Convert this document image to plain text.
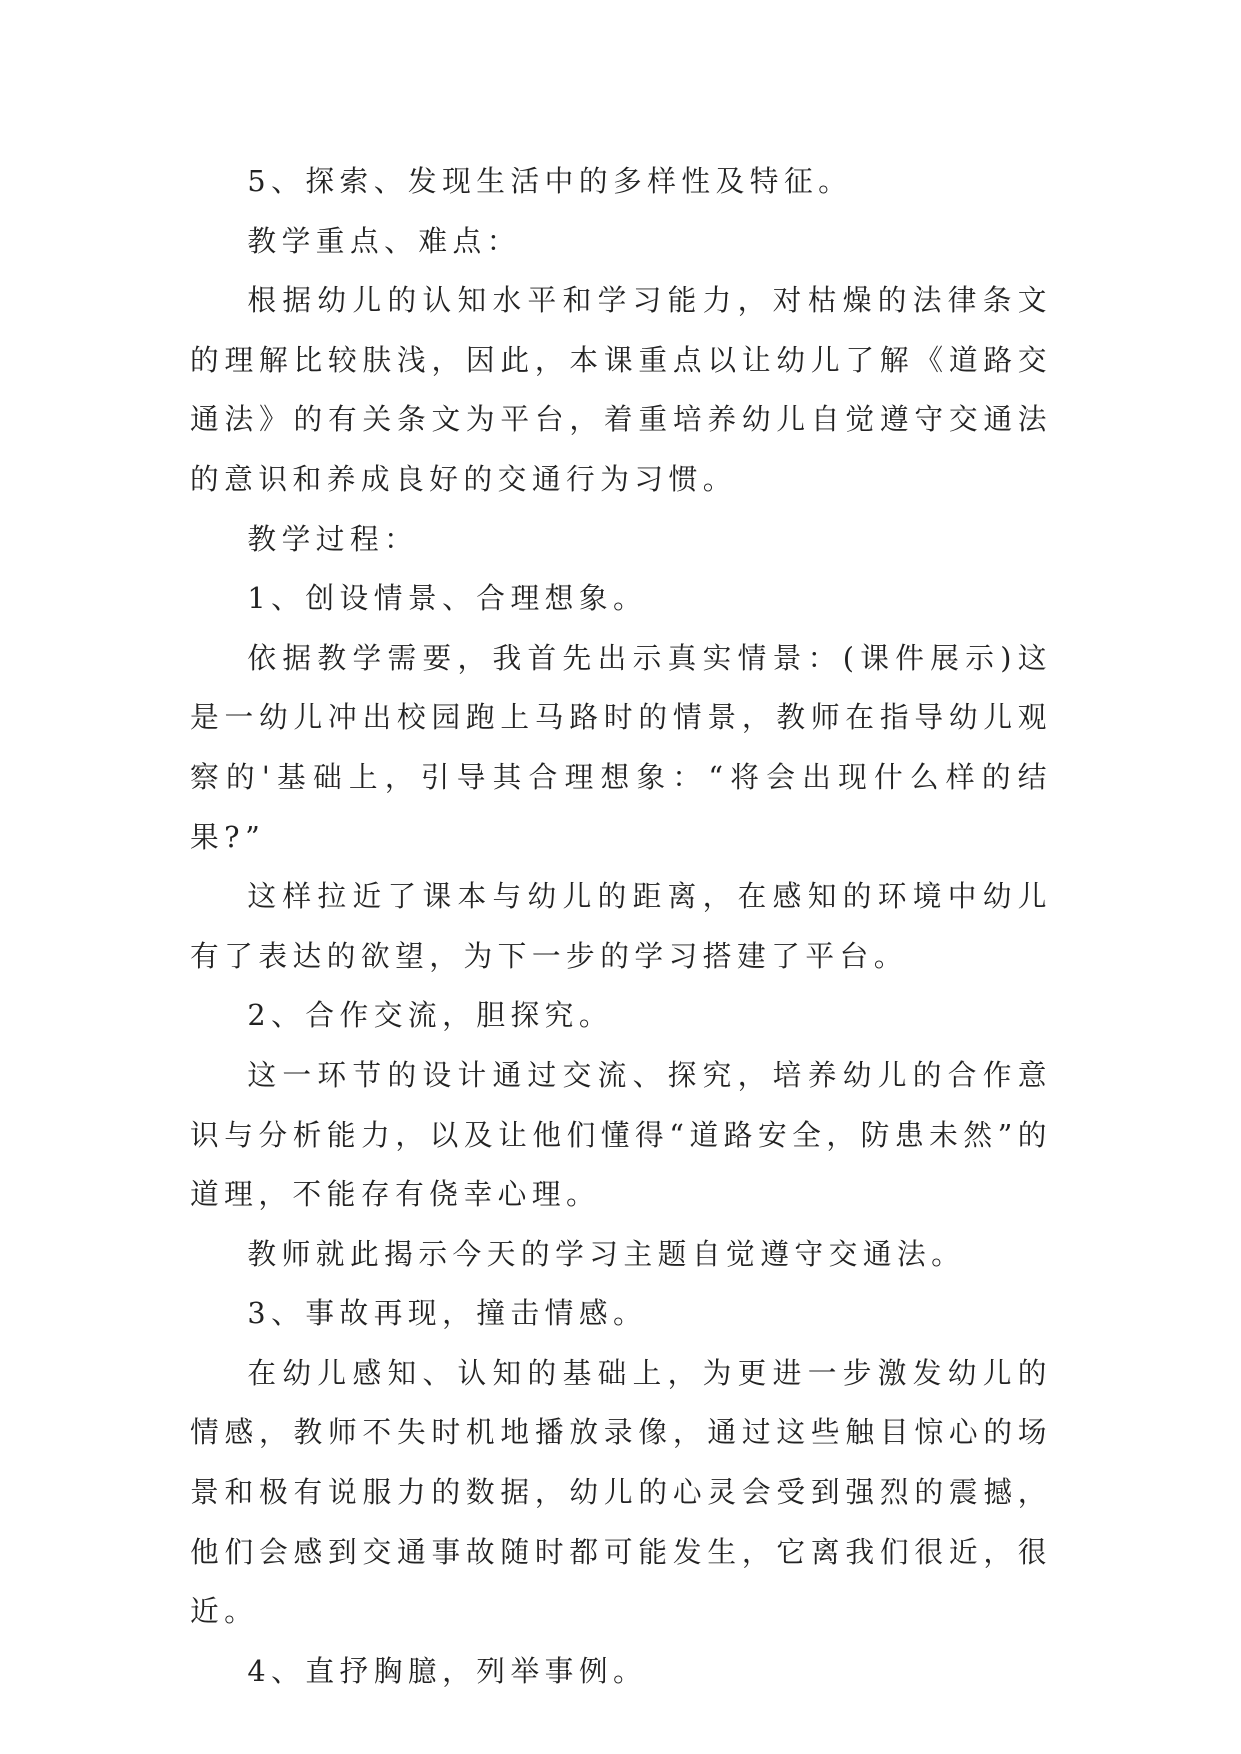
5、探索、发现生活中的多样性及特征。

教学重点、难点：

根据幼儿的认知水平和学习能力，对枯燥的法律条文的理解比较肤浅，因此，本课重点以让幼儿了解《道路交通法》的有关条文为平台，着重培养幼儿自觉遵守交通法的意识和养成良好的交通行为习惯。

教学过程：

1、创设情景、合理想象。

依据教学需要，我首先出示真实情景：(课件展示)这是一幼儿冲出校园跑上马路时的情景，教师在指导幼儿观察的'基础上，引导其合理想象：“将会出现什么样的结果?”

这样拉近了课本与幼儿的距离，在感知的环境中幼儿有了表达的欲望，为下一步的学习搭建了平台。

2、合作交流，胆探究。

这一环节的设计通过交流、探究，培养幼儿的合作意识与分析能力，以及让他们懂得“道路安全，防患未然”的道理，不能存有侥幸心理。

教师就此揭示今天的学习主题自觉遵守交通法。

3、事故再现，撞击情感。

在幼儿感知、认知的基础上，为更进一步激发幼儿的情感，教师不失时机地播放录像，通过这些触目惊心的场景和极有说服力的数据，幼儿的心灵会受到强烈的震撼，他们会感到交通事故随时都可能发生，它离我们很近，很近。

4、直抒胸臆，列举事例。
